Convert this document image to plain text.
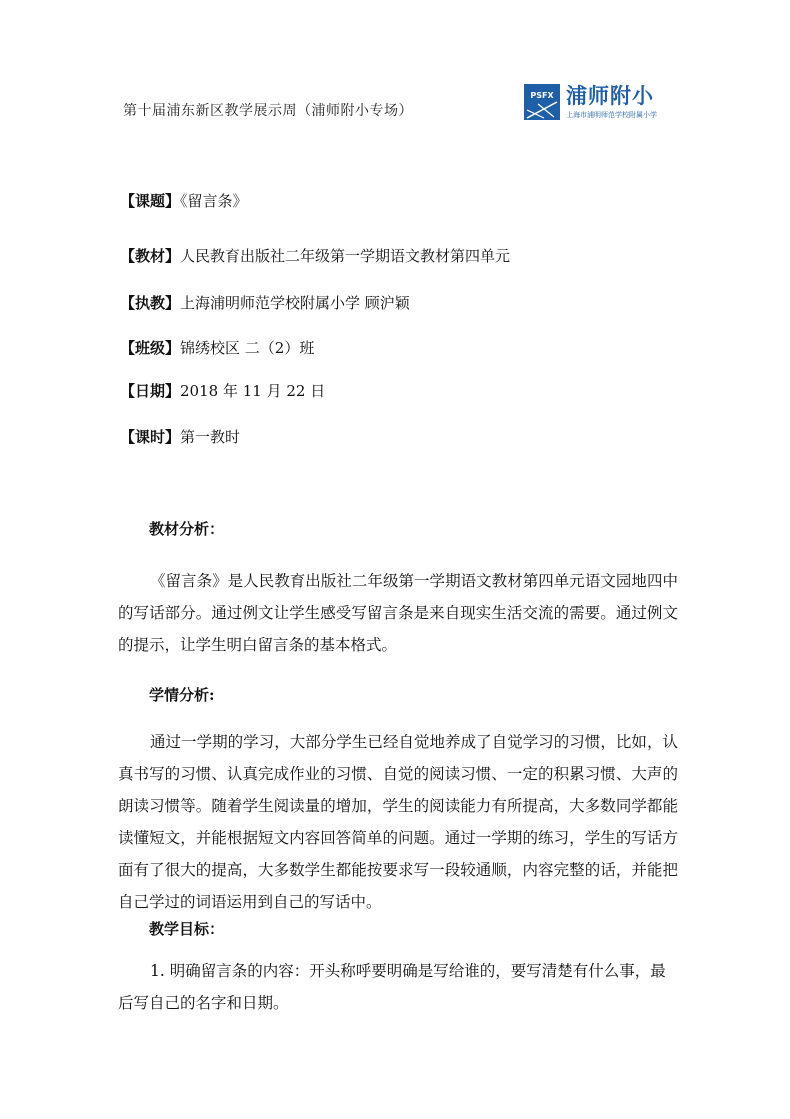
第十届浦东新区教学展示周（浦师附小专场）
PSFX 浦师附小
上海市浦明师范学校附属小学
【课题】《留言条》
【教材】人民教育出版社二年级第一学期语文教材第四单元
【执教】上海浦明师范学校附属小学 顾沪颖
【班级】锦绣校区 二（2）班
【日期】2018 年 11 月 22 日
【课时】第一教时
教材分析：
《留言条》是人民教育出版社二年级第一学期语文教材第四单元语文园地四中的写话部分。通过例文让学生感受写留言条是来自现实生活交流的需要。通过例文的提示，让学生明白留言条的基本格式。
学情分析:
通过一学期的学习，大部分学生已经自觉地养成了自觉学习的习惯，比如，认真书写的习惯、认真完成作业的习惯、自觉的阅读习惯、一定的积累习惯、大声的朗读习惯等。随着学生阅读量的增加，学生的阅读能力有所提高，大多数同学都能读懂短文，并能根据短文内容回答简单的问题。通过一学期的练习，学生的写话方面有了很大的提高，大多数学生都能按要求写一段较通顺，内容完整的话，并能把自己学过的词语运用到自己的写话中。
教学目标：
1. 明确留言条的内容：开头称呼要明确是写给谁的，要写清楚有什么事，最后写自己的名字和日期。
